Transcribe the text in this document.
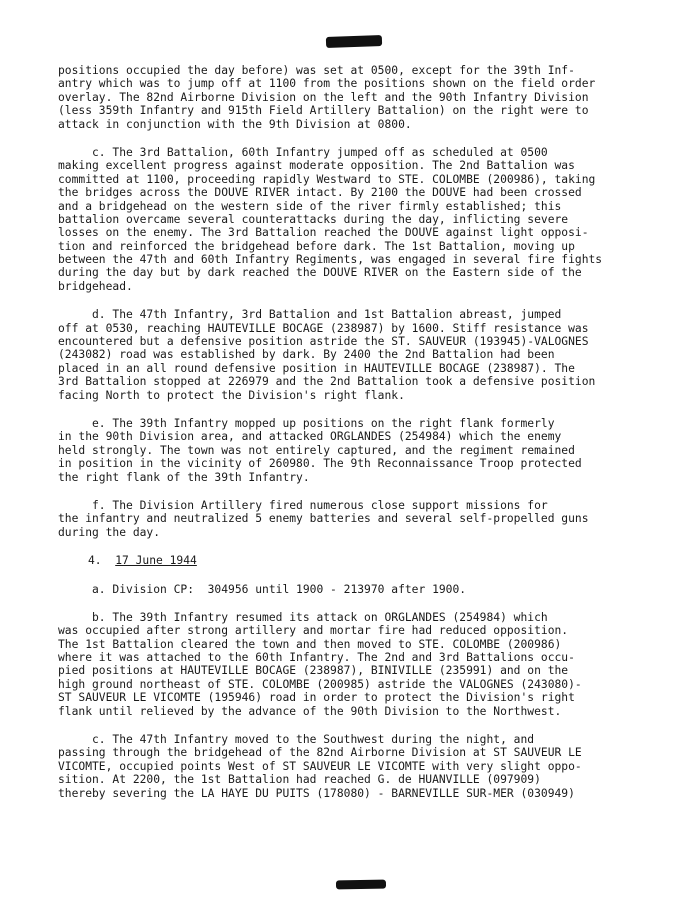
positions occupied the day before) was set at 0500, except for the 39th Inf-
antry which was to jump off at 1100 from the positions shown on the field order
overlay. The 82nd Airborne Division on the left and the 90th Infantry Division
(less 359th Infantry and 915th Field Artillery Battalion) on the right were to
attack in conjunction with the 9th Division at 0800.
c. The 3rd Battalion, 60th Infantry jumped off as scheduled at 0500
making excellent progress against moderate opposition. The 2nd Battalion was
committed at 1100, proceeding rapidly Westward to STE. COLOMBE (200986), taking
the bridges across the DOUVE RIVER intact. By 2100 the DOUVE had been crossed
and a bridgehead on the western side of the river firmly established; this
battalion overcame several counterattacks during the day, inflicting severe
losses on the enemy. The 3rd Battalion reached the DOUVE against light opposi-
tion and reinforced the bridgehead before dark. The 1st Battalion, moving up
between the 47th and 60th Infantry Regiments, was engaged in several fire fights
during the day but by dark reached the DOUVE RIVER on the Eastern side of the
bridgehead.
d. The 47th Infantry, 3rd Battalion and 1st Battalion abreast, jumped
off at 0530, reaching HAUTEVILLE BOCAGE (238987) by 1600. Stiff resistance was
encountered but a defensive position astride the ST. SAUVEUR (193945)-VALOGNES
(243082) road was established by dark. By 2400 the 2nd Battalion had been
placed in an all round defensive position in HAUTEVILLE BOCAGE (238987). The
3rd Battalion stopped at 226979 and the 2nd Battalion took a defensive position
facing North to protect the Division's right flank.
e. The 39th Infantry mopped up positions on the right flank formerly
in the 90th Division area, and attacked ORGLANDES (254984) which the enemy
held strongly. The town was not entirely captured, and the regiment remained
in position in the vicinity of 260980. The 9th Reconnaissance Troop protected
the right flank of the 39th Infantry.
f. The Division Artillery fired numerous close support missions for
the infantry and neutralized 5 enemy batteries and several self-propelled guns
during the day.
4. 17 June 1944
a. Division CP:  304956 until 1900 - 213970 after 1900.
b. The 39th Infantry resumed its attack on ORGLANDES (254984) which
was occupied after strong artillery and mortar fire had reduced opposition.
The 1st Battalion cleared the town and then moved to STE. COLOMBE (200986)
where it was attached to the 60th Infantry. The 2nd and 3rd Battalions occu-
pied positions at HAUTEVILLE BOCAGE (238987), BINIVILLE (235991) and on the
high ground northeast of STE. COLOMBE (200985) astride the VALOGNES (243080)-
ST SAUVEUR LE VICOMTE (195946) road in order to protect the Division's right
flank until relieved by the advance of the 90th Division to the Northwest.
c. The 47th Infantry moved to the Southwest during the night, and
passing through the bridgehead of the 82nd Airborne Division at ST SAUVEUR LE
VICOMTE, occupied points West of ST SAUVEUR LE VICOMTE with very slight oppo-
sition. At 2200, the 1st Battalion had reached G. de HUANVILLE (097909)
thereby severing the LA HAYE DU PUITS (178080) - BARNEVILLE SUR-MER (030949)
